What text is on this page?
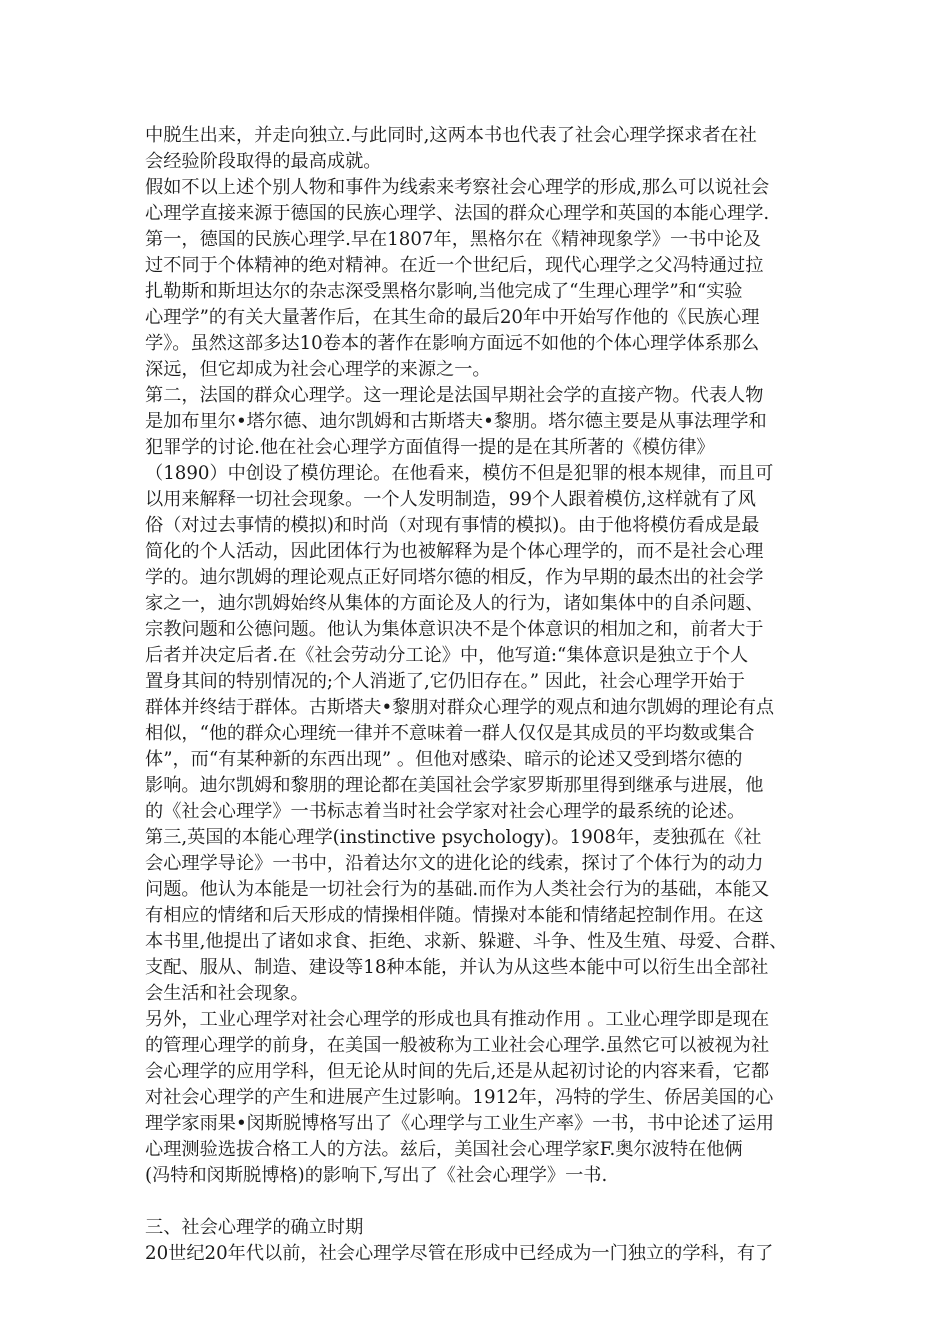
中脱生出来，并走向独立.与此同时,这两本书也代表了社会心理学探求者在社
会经验阶段取得的最高成就。
假如不以上述个别人物和事件为线索来考察社会心理学的形成,那么可以说社会
心理学直接来源于德国的民族心理学、法国的群众心理学和英国的本能心理学.
第一，德国的民族心理学.早在1807年，黑格尔在《精神现象学》一书中论及
过不同于个体精神的绝对精神。在近一个世纪后，现代心理学之父冯特通过拉
扎勒斯和斯坦达尔的杂志深受黑格尔影响,当他完成了“生理心理学”和“实验
心理学”的有关大量著作后，在其生命的最后20年中开始写作他的《民族心理
学》。虽然这部多达10卷本的著作在影响方面远不如他的个体心理学体系那么
深远，但它却成为社会心理学的来源之一。
第二，法国的群众心理学。这一理论是法国早期社会学的直接产物。代表人物
是加布里尔•塔尔德、迪尔凯姆和古斯塔夫•黎朋。塔尔德主要是从事法理学和
犯罪学的讨论.他在社会心理学方面值得一提的是在其所著的《模仿律》
（1890）中创设了模仿理论。在他看来，模仿不但是犯罪的根本规律，而且可
以用来解释一切社会现象。一个人发明制造，99个人跟着模仿,这样就有了风
俗（对过去事情的模拟)和时尚（对现有事情的模拟)。由于他将模仿看成是最
简化的个人活动，因此团体行为也被解释为是个体心理学的，而不是社会心理
学的。迪尔凯姆的理论观点正好同塔尔德的相反，作为早期的最杰出的社会学
家之一，迪尔凯姆始终从集体的方面论及人的行为，诸如集体中的自杀问题、
宗教问题和公德问题。他认为集体意识决不是个体意识的相加之和，前者大于
后者并决定后者.在《社会劳动分工论》中，他写道:“集体意识是独立于个人
置身其间的特别情况的;个人消逝了,它仍旧存在。” 因此，社会心理学开始于
群体并终结于群体。古斯塔夫•黎朋对群众心理学的观点和迪尔凯姆的理论有点
相似，“他的群众心理统一律并不意味着一群人仅仅是其成员的平均数或集合
体”，而“有某种新的东西出现” 。但他对感染、暗示的论述又受到塔尔德的
影响。迪尔凯姆和黎朋的理论都在美国社会学家罗斯那里得到继承与进展，他
的《社会心理学》一书标志着当时社会学家对社会心理学的最系统的论述。
第三,英国的本能心理学(instinctive psychology)。1908年，麦独孤在《社
会心理学导论》一书中，沿着达尔文的进化论的线索，探讨了个体行为的动力
问题。他认为本能是一切社会行为的基础.而作为人类社会行为的基础，本能又
有相应的情绪和后天形成的情操相伴随。情操对本能和情绪起控制作用。在这
本书里,他提出了诸如求食、拒绝、求新、躲避、斗争、性及生殖、母爱、合群、
支配、服从、制造、建设等18种本能，并认为从这些本能中可以衍生出全部社
会生活和社会现象。
另外，工业心理学对社会心理学的形成也具有推动作用 。工业心理学即是现在
的管理心理学的前身，在美国一般被称为工业社会心理学.虽然它可以被视为社
会心理学的应用学科，但无论从时间的先后,还是从起初讨论的内容来看，它都
对社会心理学的产生和进展产生过影响。1912年，冯特的学生、侨居美国的心
理学家雨果•闵斯脱博格写出了《心理学与工业生产率》一书，书中论述了运用
心理测验选拔合格工人的方法。兹后，美国社会心理学家F.奥尔波特在他俩
(冯特和闵斯脱博格)的影响下,写出了《社会心理学》一书.
三、社会心理学的确立时期
20世纪20年代以前，社会心理学尽管在形成中已经成为一门独立的学科，有了
